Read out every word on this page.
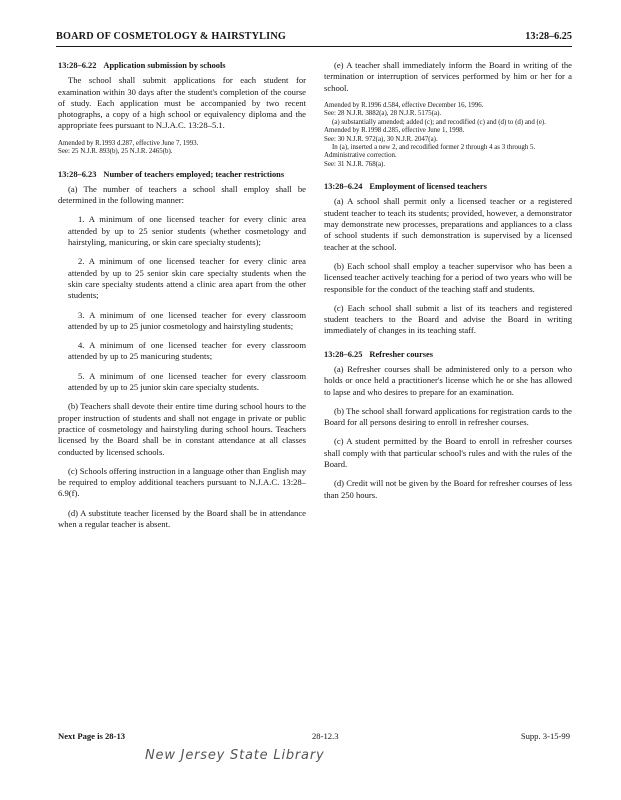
BOARD OF COSMETOLOGY & HAIRSTYLING	13:28–6.25
13:28–6.22 Application submission by schools

The school shall submit applications for each student for examination within 30 days after the student's completion of the course of study. Each application must be accompanied by two recent photographs, a copy of a high school or equivalency diploma and the appropriate fees pursuant to N.J.A.C. 13:28–5.1.

Amended by R.1993 d.287, effective June 7, 1993.
See: 25 N.J.R. 893(b), 25 N.J.R. 2465(b).
13:28–6.23 Number of teachers employed; teacher restrictions

(a) The number of teachers a school shall employ shall be determined in the following manner:

1. A minimum of one licensed teacher for every clinic area attended by up to 25 senior students (whether cosmetology and hairstyling, manicuring, or skin care specialty students);

2. A minimum of one licensed teacher for every clinic area attended by up to 25 senior skin care specialty students when the skin care specialty students attend a clinic area apart from the other students;

3. A minimum of one licensed teacher for every classroom attended by up to 25 junior cosmetology and hairstyling students;

4. A minimum of one licensed teacher for every classroom attended by up to 25 manicuring students;

5. A minimum of one licensed teacher for every classroom attended by up to 25 junior skin care specialty students.

(b) Teachers shall devote their entire time during school hours to the proper instruction of students and shall not engage in private or public practice of cosmetology and hairstyling during school hours. Teachers licensed by the Board shall be in constant attendance at all classes conducted by licensed schools.

(c) Schools offering instruction in a language other than English may be required to employ additional teachers pursuant to N.J.A.C. 13:28–6.9(f).

(d) A substitute teacher licensed by the Board shall be in attendance when a regular teacher is absent.

(e) A teacher shall immediately inform the Board in writing of the termination or interruption of services performed by him or her for a school.

Amended by R.1996 d.584, effective December 16, 1996.
See: 28 N.J.R. 3882(a), 28 N.J.R. 5175(a).
(a) substantially amended; added (c); and recodified (c) and (d) to (d) and (e).
Amended by R.1998 d.285, effective June 1, 1998.
See: 30 N.J.R. 972(a), 30 N.J.R. 2047(a).
In (a), inserted a new 2, and recodified former 2 through 4 as 3 through 5.
Administrative correction.
See: 31 N.J.R. 768(a).
13:28–6.24 Employment of licensed teachers

(a) A school shall permit only a licensed teacher or a registered student teacher to teach its students; provided, however, a demonstrator may demonstrate new processes, preparations and appliances to a class of school students if such demonstration is supervised by a licensed teacher at the school.

(b) Each school shall employ a teacher supervisor who has been a licensed teacher actively teaching for a period of two years who will be responsible for the conduct of the teaching staff and students.

(c) Each school shall submit a list of its teachers and registered student teachers to the Board and advise the Board in writing immediately of changes in its teaching staff.

13:28–6.25 Refresher courses

(a) Refresher courses shall be administered only to a person who holds or once held a practitioner's license which he or she has allowed to lapse and who desires to prepare for an examination.

(b) The school shall forward applications for registration cards to the Board for all persons desiring to enroll in refresher courses.

(c) A student permitted by the Board to enroll in refresher courses shall comply with that particular school's rules and with the rules of the Board.

(d) Credit will not be given by the Board for refresher courses of less than 250 hours.

Next Page is 28-13	28-12.3	Supp. 3-15-99
New Jersey State Library
